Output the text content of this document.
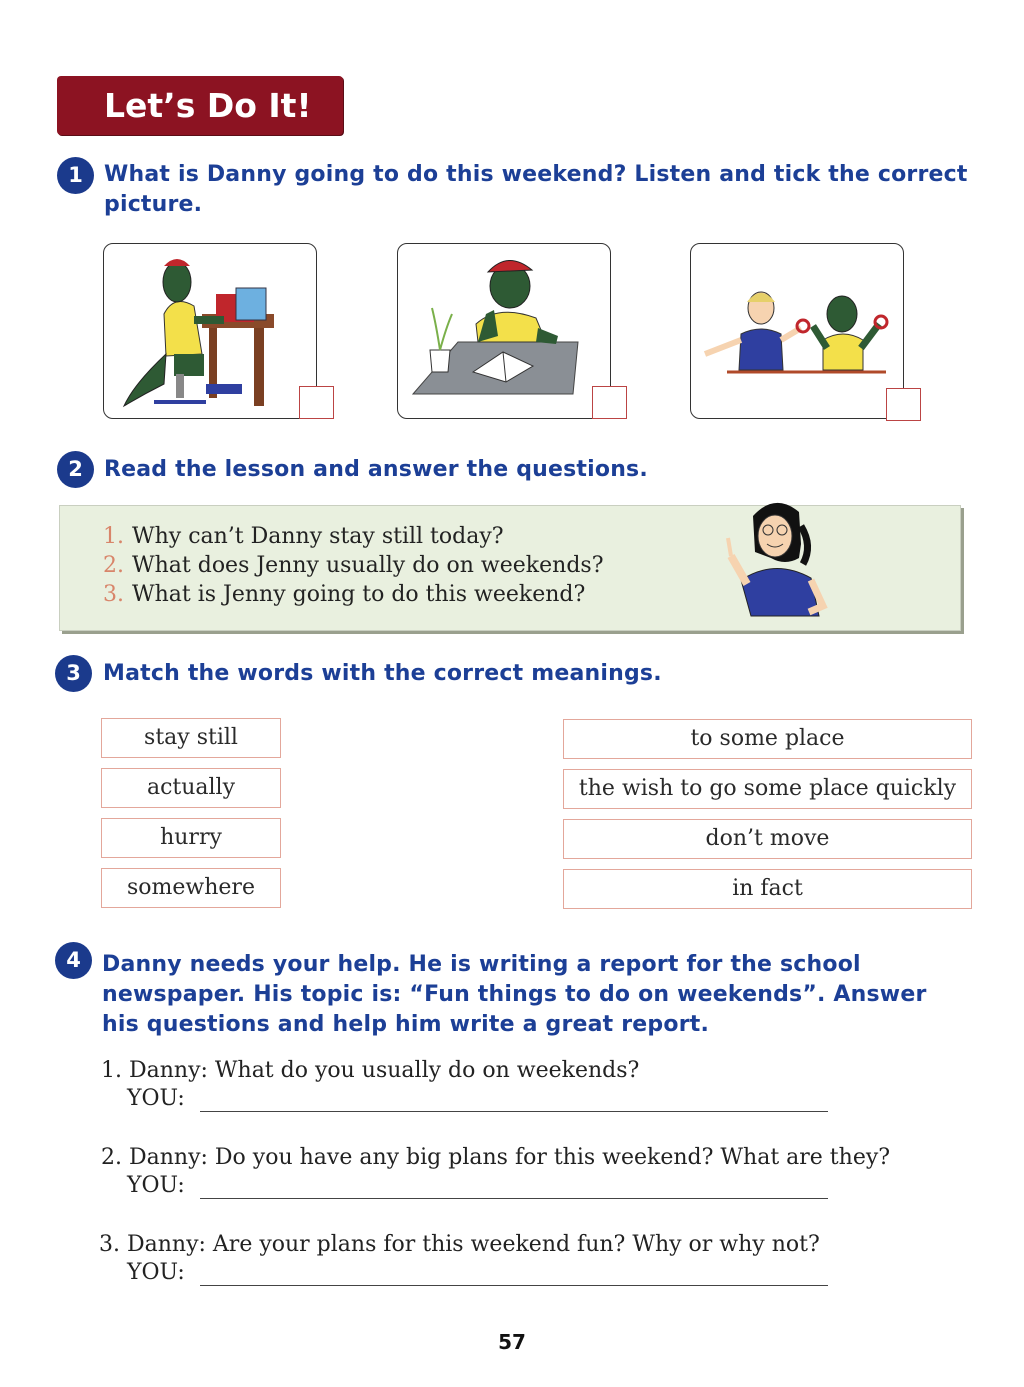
Let’s Do It!
1 What is Danny going to do this weekend? Listen and tick the correct
picture.
2 Read the lesson and answer the questions.
1. Why can’t Danny stay still today?
2. What does Jenny usually do on weekends?
3. What is Jenny going to do this weekend?
3	Match the words with the correct meanings.
stay still
actually
hurry
somewhere
to some place
the wish to go some place quickly
don’t move
in fact
4 Danny needs your help. He is writing a report for the school
newspaper. His topic is: “Fun things to do on weekends”. Answer
his questions and help him write a great report.
1. Danny: What do you usually do on weekends?
YOU:
2. Danny: Do you have any big plans for this weekend? What are they?
YOU:
3. Danny: Are your plans for this weekend fun? Why or why not?
YOU:
57
